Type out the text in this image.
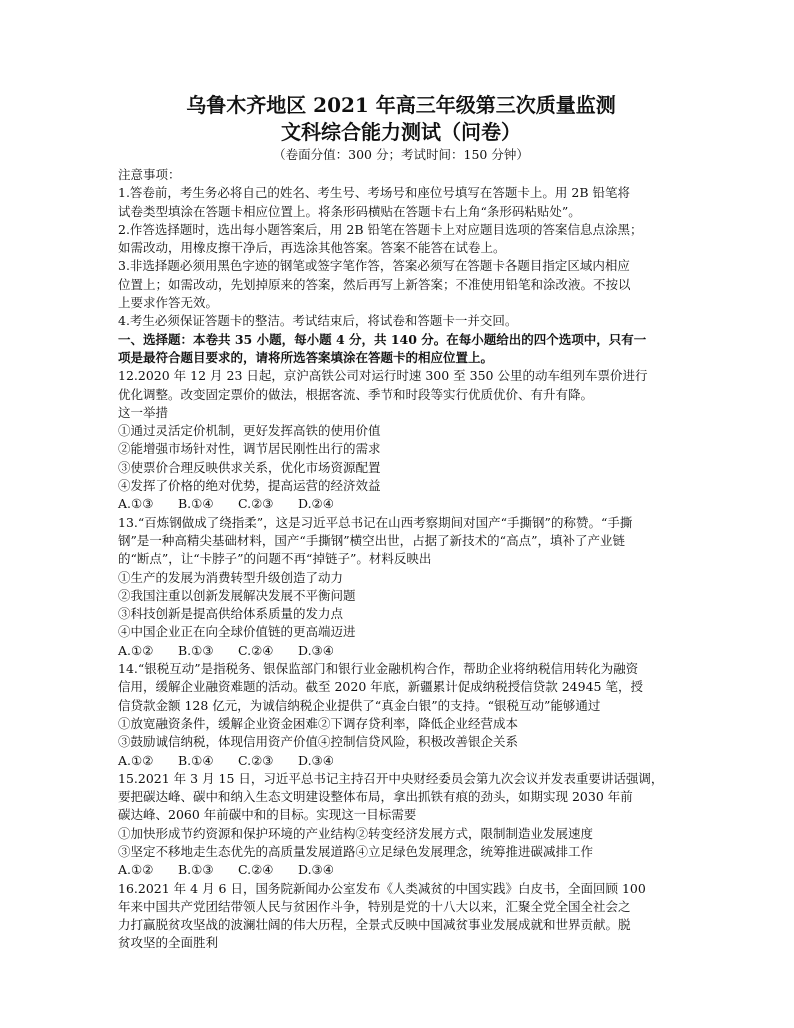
乌鲁木齐地区 2021 年高三年级第三次质量监测
文科综合能力测试（问卷）
（卷面分值：300 分；考试时间：150 分钟）
注意事项：
1.答卷前，考生务必将自己的姓名、考生号、考场号和座位号填写在答题卡上。用 2B 铅笔将
试卷类型填涂在答题卡相应位置上。将条形码横贴在答题卡右上角“条形码粘贴处”。
2.作答选择题时，选出每小题答案后，用 2B 铅笔在答题卡上对应题目选项的答案信息点涂黑；
如需改动，用橡皮擦干净后，再选涂其他答案。答案不能答在试卷上。
3.非选择题必须用黑色字迹的钢笔或签字笔作答，答案必须写在答题卡各题目指定区域内相应
位置上；如需改动，先划掉原来的答案，然后再写上新答案；不准使用铅笔和涂改液。不按以
上要求作答无效。
4.考生必须保证答题卡的整洁。考试结束后，将试卷和答题卡一并交回。
一、选择题：本卷共 35 小题，每小题 4 分，共 140 分。在每小题给出的四个选项中，只有一
项是最符合题目要求的，请将所选答案填涂在答题卡的相应位置上。
12.2020 年 12 月 23 日起，京沪高铁公司对运行时速 300 至 350 公里的动车组列车票价进行
优化调整。改变固定票价的做法，根据客流、季节和时段等实行优质优价、有升有降。
这一举措
①通过灵活定价机制，更好发挥高铁的使用价值
②能增强市场针对性，调节居民刚性出行的需求
③使票价合理反映供求关系，优化市场资源配置
④发挥了价格的绝对优势，提高运营的经济效益
A.①③	B.①④	C.②③	D.②④
13.“百炼钢做成了绕指柔”，这是习近平总书记在山西考察期间对国产“手撕钢”的称赞。“手撕
钢”是一种高精尖基础材料，国产“手撕钢”横空出世，占据了新技术的“高点”，填补了产业链
的“断点”，让“卡脖子”的问题不再“掉链子”。材料反映出
①生产的发展为消费转型升级创造了动力
②我国注重以创新发展解决发展不平衡问题
③科技创新是提高供给体系质量的发力点
④中国企业正在向全球价值链的更高端迈进
A.①②	B.①③	C.②④	D.③④
14.“银税互动”是指税务、银保监部门和银行业金融机构合作，帮助企业将纳税信用转化为融资
信用，缓解企业融资难题的活动。截至 2020 年底，新疆累计促成纳税授信贷款 24945 笔，授
信贷款金额 128 亿元，为诚信纳税企业提供了“真金白银”的支持。“银税互动”能够通过
①放宽融资条件，缓解企业资金困难②下调存贷利率，降低企业经营成本
③鼓励诚信纳税，体现信用资产价值④控制信贷风险，积极改善银企关系
A.①②	B.①④	C.②③	D.③④
15.2021 年 3 月 15 日，习近平总书记主持召开中央财经委员会第九次会议并发表重要讲话强调，
要把碳达峰、碳中和纳入生态文明建设整体布局，拿出抓铁有痕的劲头，如期实现 2030 年前
碳达峰、2060 年前碳中和的目标。实现这一目标需要
①加快形成节约资源和保护环境的产业结构②转变经济发展方式，限制制造业发展速度
③坚定不移地走生态优先的高质量发展道路④立足绿色发展理念，统筹推进碳减排工作
A.①②	B.①③	C.②④	D.③④
16.2021 年 4 月 6 日，国务院新闻办公室发布《人类减贫的中国实践》白皮书，全面回顾 100
年来中国共产党团结带领人民与贫困作斗争，特别是党的十八大以来，汇聚全党全国全社会之
力打赢脱贫攻坚战的波澜壮阔的伟大历程，全景式反映中国减贫事业发展成就和世界贡献。脱
贫攻坚的全面胜利
